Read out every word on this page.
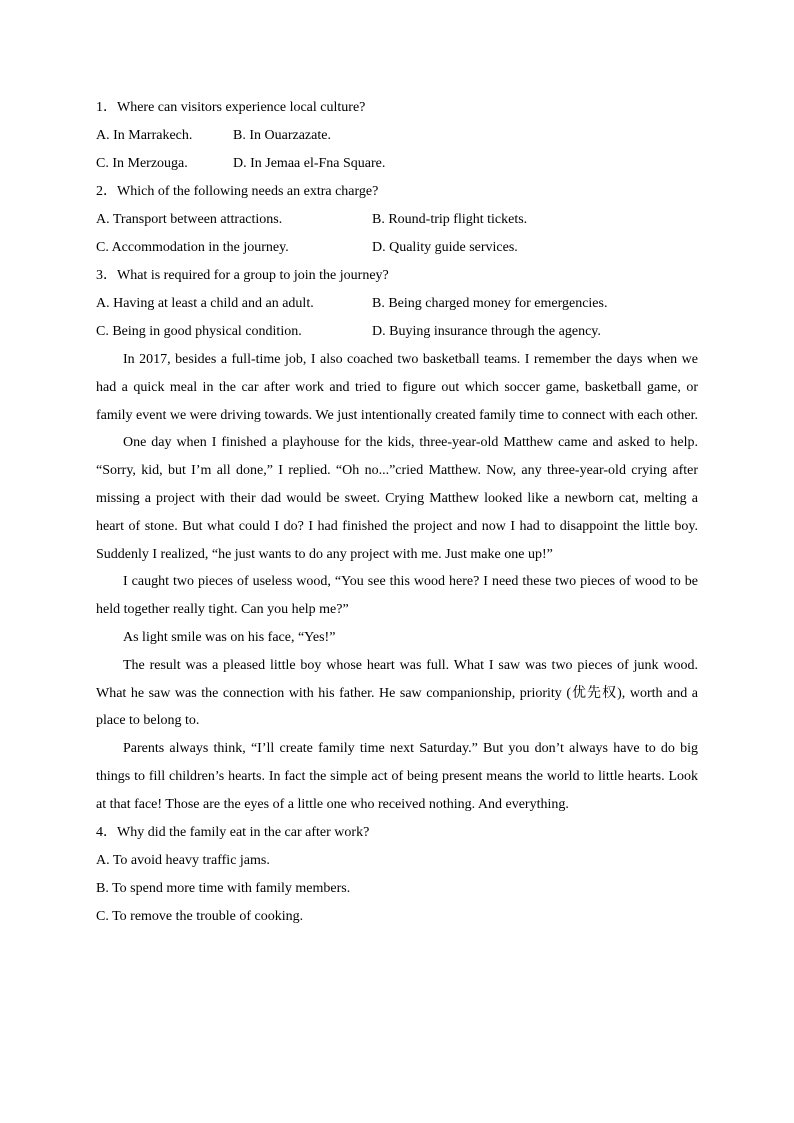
1．Where can visitors experience local culture?
A. In Marrakech.	B. In Ouarzazate.
C. In Merzouga.	D. In Jemaa el-Fna Square.
2．Which of the following needs an extra charge?
A. Transport between attractions.	B. Round-trip flight tickets.
C. Accommodation in the journey.	D. Quality guide services.
3．What is required for a group to join the journey?
A. Having at least a child and an adult.	B. Being charged money for emergencies.
C. Being in good physical condition.	D. Buying insurance through the agency.

In 2017, besides a full-time job, I also coached two basketball teams. I remember the days when we had a quick meal in the car after work and tried to figure out which soccer game, basketball game, or family event we were driving towards. We just intentionally created family time to connect with each other.

One day when I finished a playhouse for the kids, three-year-old Matthew came and asked to help. “Sorry, kid, but I’m all done,” I replied. “Oh no...”cried Matthew. Now, any three-year-old crying after missing a project with their dad would be sweet. Crying Matthew looked like a newborn cat, melting a heart of stone. But what could I do? I had finished the project and now I had to disappoint the little boy. Suddenly I realized, “he just wants to do any project with me. Just make one up!”

I caught two pieces of useless wood, “You see this wood here? I need these two pieces of wood to be held together really tight. Can you help me?”

As light smile was on his face, “Yes!”

The result was a pleased little boy whose heart was full. What I saw was two pieces of junk wood. What he saw was the connection with his father. He saw companionship, priority (优先权), worth and a place to belong to.

Parents always think, “I’ll create family time next Saturday.” But you don’t always have to do big things to fill children’s hearts. In fact the simple act of being present means the world to little hearts. Look at that face! Those are the eyes of a little one who received nothing. And everything.

4．Why did the family eat in the car after work?
A. To avoid heavy traffic jams.
B. To spend more time with family members.
C. To remove the trouble of cooking.
